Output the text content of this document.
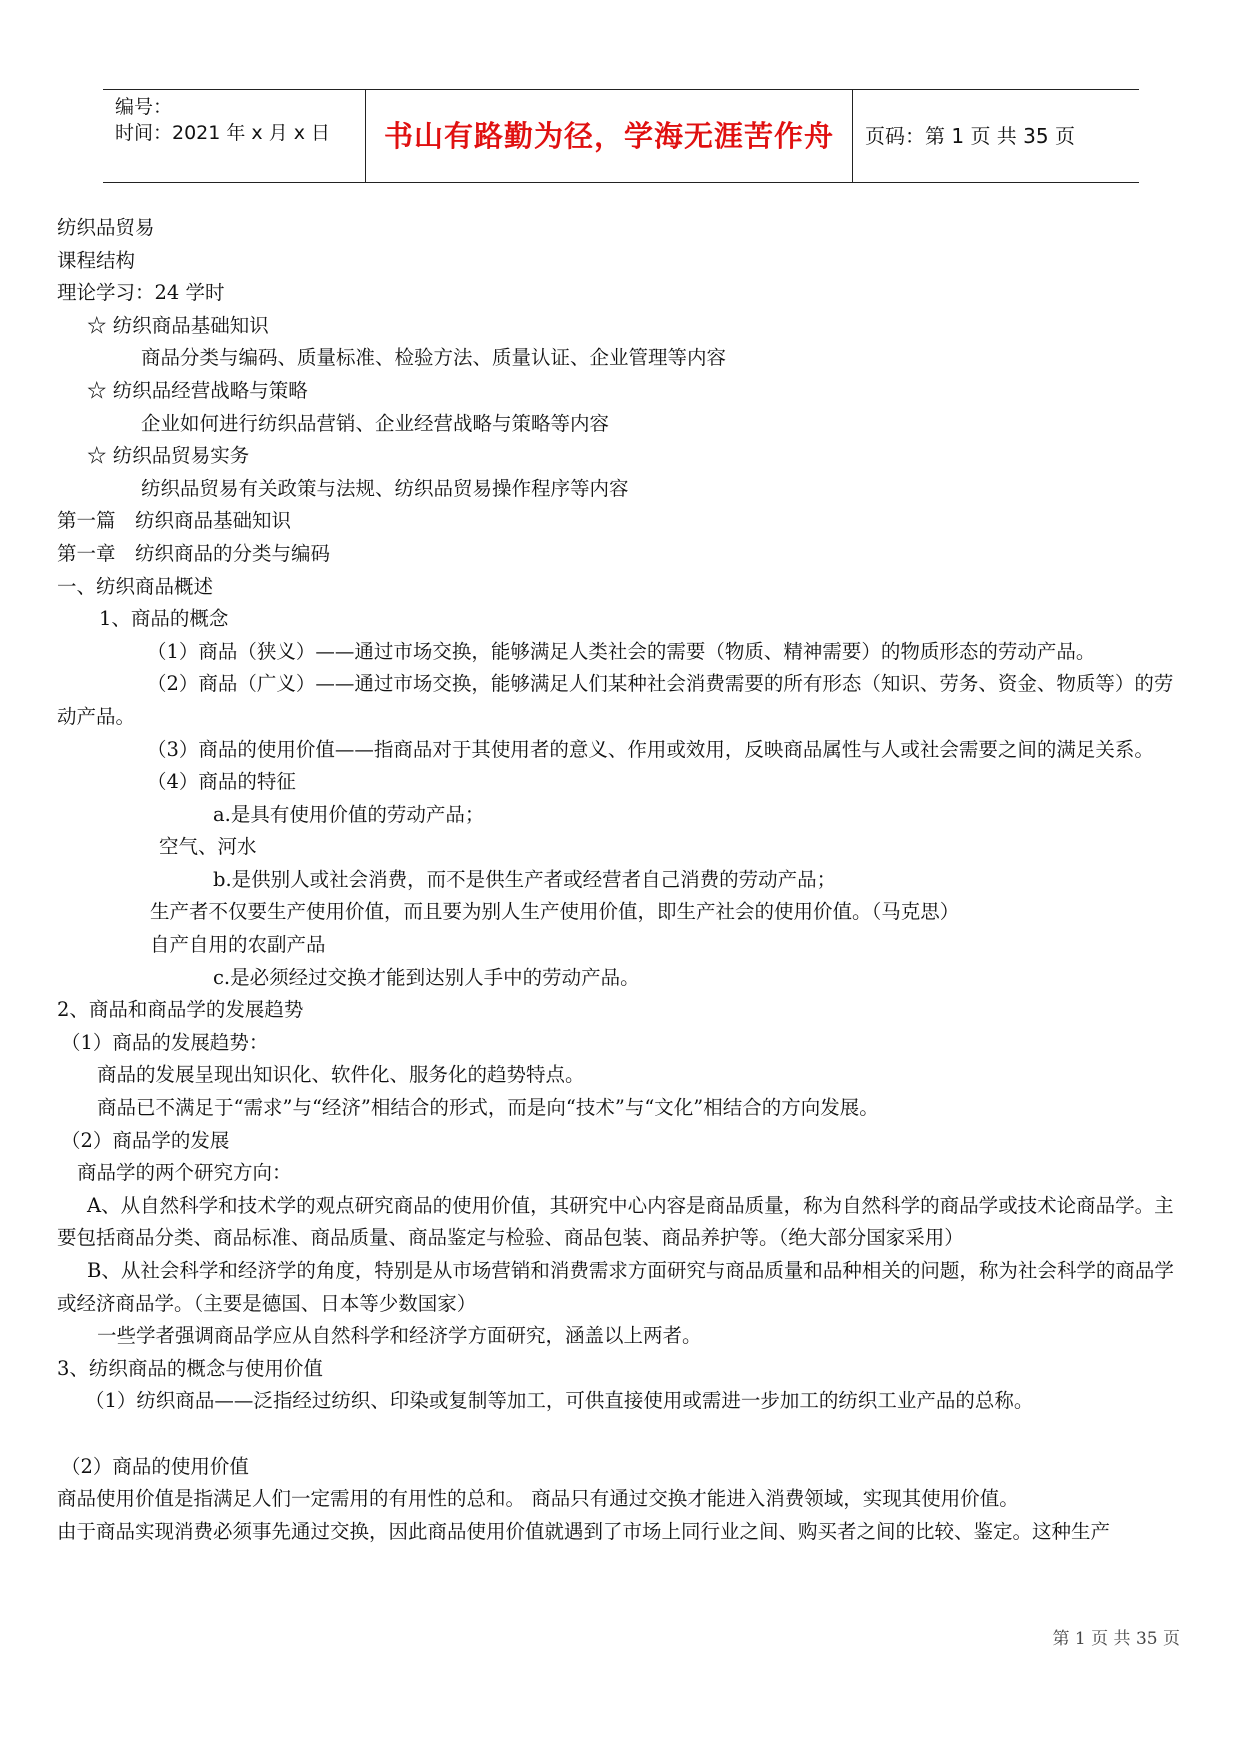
编号：
时间：2021 年 x 月 x 日	书山有路勤为径，学海无涯苦作舟	页码：第 1 页 共 35 页

纺织品贸易

课程结构

理论学习：24 学时

☆ 纺织商品基础知识

商品分类与编码、质量标准、检验方法、质量认证、企业管理等内容

☆ 纺织品经营战略与策略

企业如何进行纺织品营销、企业经营战略与策略等内容

☆ 纺织品贸易实务

纺织品贸易有关政策与法规、纺织品贸易操作程序等内容

第一篇　纺织商品基础知识

第一章　纺织商品的分类与编码

一、纺织商品概述

1、商品的概念

（1）商品（狭义）——通过市场交换，能够满足人类社会的需要（物质、精神需要）的物质形态的劳动产品。

（2）商品（广义）——通过市场交换，能够满足人们某种社会消费需要的所有形态（知识、劳务、资金、物质等）的劳动产品。

（3）商品的使用价值——指商品对于其使用者的意义、作用或效用，反映商品属性与人或社会需要之间的满足关系。

（4）商品的特征

a.是具有使用价值的劳动产品；

空气、河水

b.是供别人或社会消费，而不是供生产者或经营者自己消费的劳动产品；

生产者不仅要生产使用价值，而且要为别人生产使用价值，即生产社会的使用价值。（马克思）

自产自用的农副产品

c.是必须经过交换才能到达别人手中的劳动产品。

2、商品和商品学的发展趋势

（1）商品的发展趋势：

商品的发展呈现出知识化、软件化、服务化的趋势特点。

商品已不满足于“需求”与“经济”相结合的形式，而是向“技术”与“文化”相结合的方向发展。

（2）商品学的发展

商品学的两个研究方向：

A、从自然科学和技术学的观点研究商品的使用价值，其研究中心内容是商品质量，称为自然科学的商品学或技术论商品学。主要包括商品分类、商品标准、商品质量、商品鉴定与检验、商品包装、商品养护等。（绝大部分国家采用）

B、从社会科学和经济学的角度，特别是从市场营销和消费需求方面研究与商品质量和品种相关的问题，称为社会科学的商品学或经济商品学。（主要是德国、日本等少数国家）

一些学者强调商品学应从自然科学和经济学方面研究，涵盖以上两者。

3、纺织商品的概念与使用价值

（1）纺织商品——泛指经过纺织、印染或复制等加工，可供直接使用或需进一步加工的纺织工业产品的总称。

（2）商品的使用价值

商品使用价值是指满足人们一定需用的有用性的总和。 商品只有通过交换才能进入消费领域，实现其使用价值。

由于商品实现消费必须事先通过交换，因此商品使用价值就遇到了市场上同行业之间、购买者之间的比较、鉴定。这种生产

第 1 页 共 35 页
